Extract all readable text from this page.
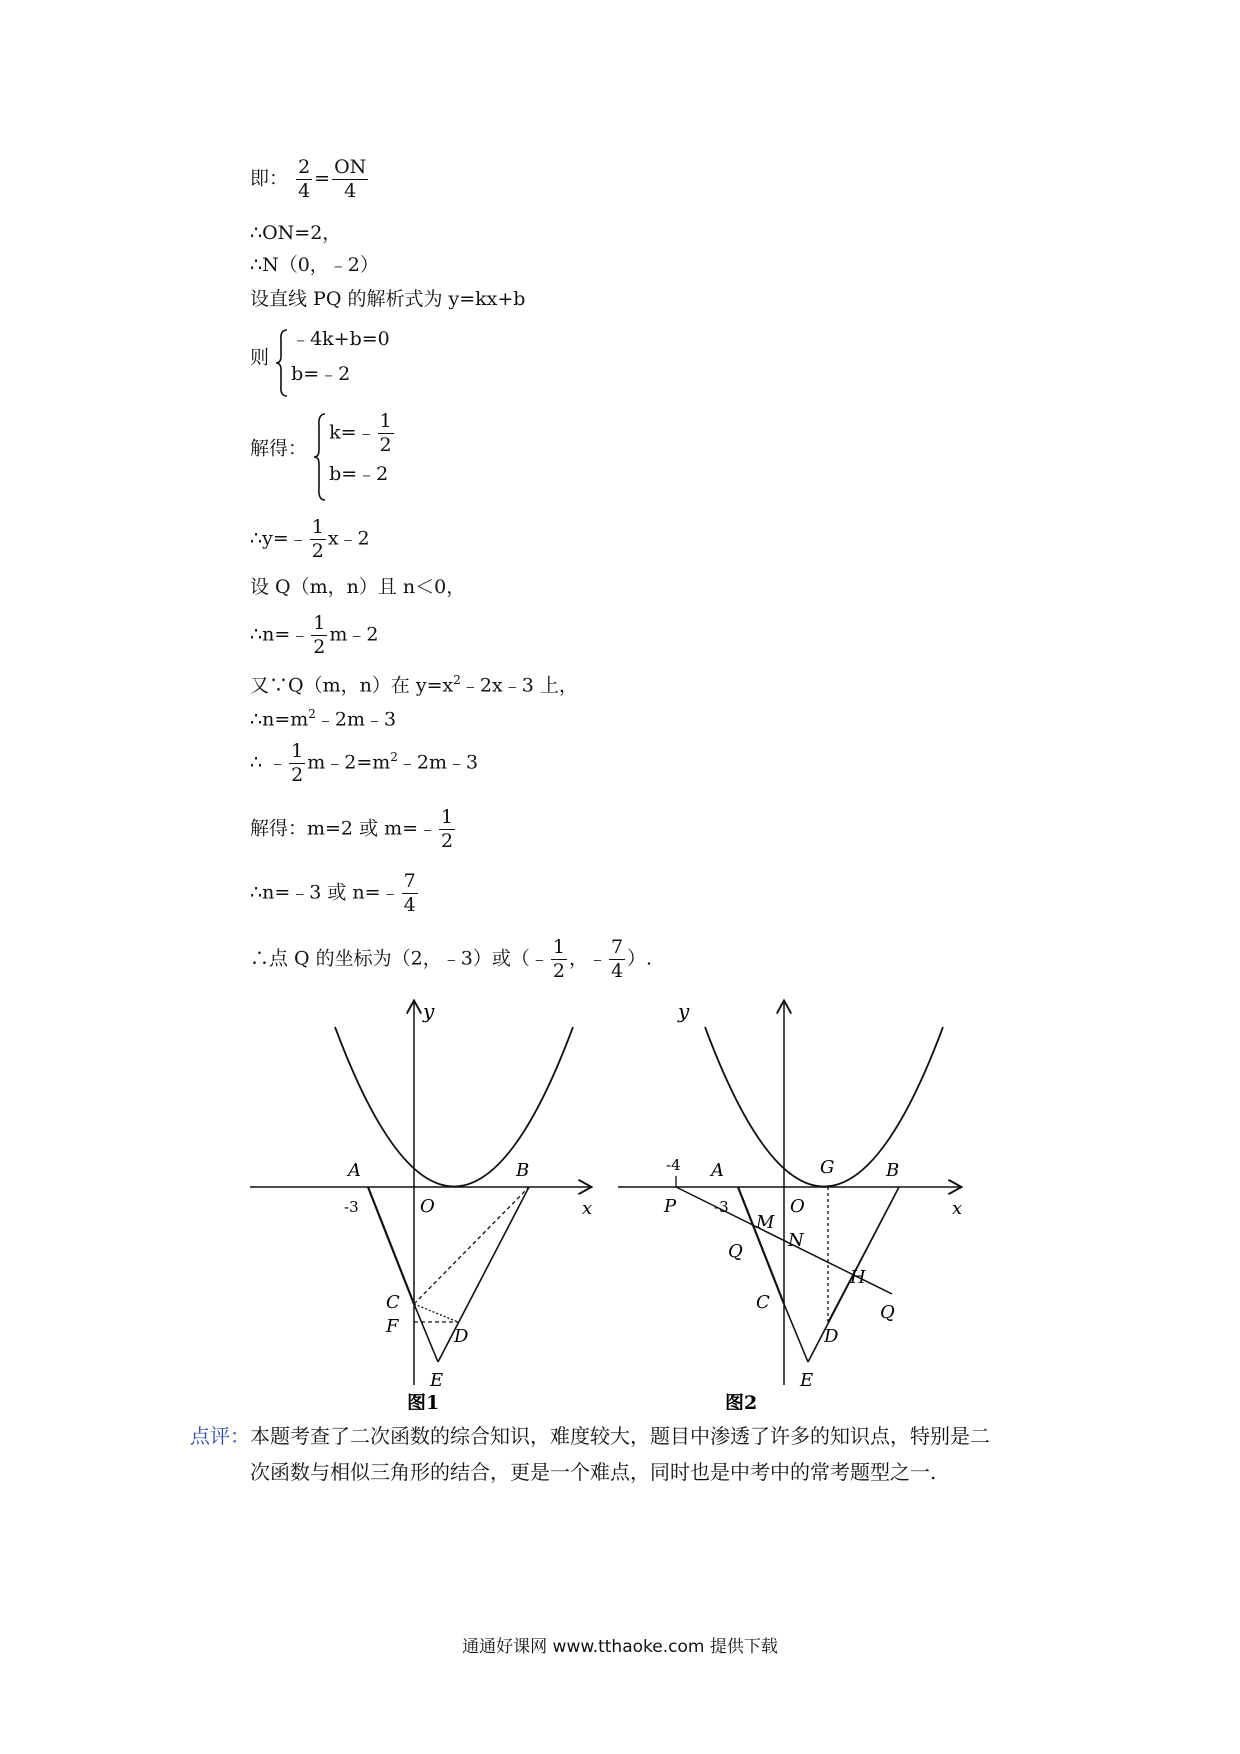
即： $\frac{2}{4} = \frac{ON}{4}$
∴ON=2，
∴N（0，﹣2）
设直线 PQ 的解析式为 y=kx+b
则
﹣4k+b=0
b=﹣2
解得：
k=﹣ $\frac{1}{2}$
b=﹣2
∴y=﹣ $\frac{1}{2}$ x﹣2
设 Q（m，n）且 n＜0，
∴n=﹣ $\frac{1}{2}$ m﹣2
又∵Q（m，n）在 $y=x^2﹣2x﹣3$ 上，
$\therefore n=m^2﹣2m﹣3$
∴ ﹣ $\frac{1}{2}$ $m﹣2=m^2﹣2m﹣3$
解得：m=2 或 m=﹣ $\frac{1}{2}$
∴n=﹣3 或 n=﹣ $\frac{7}{4}$
∴点 Q 的坐标为（2，﹣3）或（﹣ $\frac{1}{2}$ ，﹣ $\frac{7}{4}$ ）.
y
x
A	B
O
-3
C
F	D
E
图1
y
x
-4 A	G	B
P	-3	O
M
N
Q
H
Q
C
D
E
图2
点评：本题考查了二次函数的综合知识，难度较大，题目中渗透了许多的知识点，特别是二
次函数与相似三角形的结合，更是一个难点，同时也是中考中的常考题型之一.
通通好课网 www.tthaoke.com 提供下载
